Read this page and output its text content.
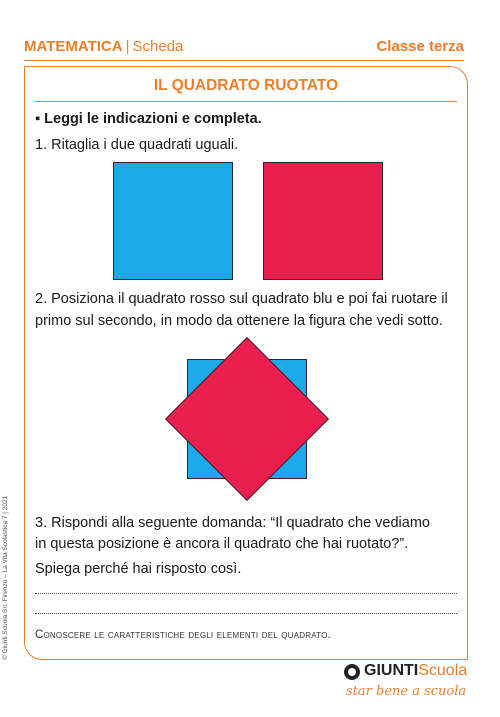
MATEMATICA | Scheda	Classe terza
IL QUADRATO RUOTATO
▪ Leggi le indicazioni e completa.
1. Ritaglia i due quadrati uguali.
2. Posiziona il quadrato rosso sul quadrato blu e poi fai ruotare il
primo sul secondo, in modo da ottenere la figura che vedi sotto.
3. Rispondi alla seguente domanda: “Il quadrato che vediamo
in questa posizione è ancora il quadrato che hai ruotato?”.
Spiega perché hai risposto così.
Conoscere le caratteristiche degli elementi del quadrato.
© Giunti Scuola Srl, Firenze – La Vita Scolastica 7 | 2021
GIUNTIScuola
star bene a scuola
